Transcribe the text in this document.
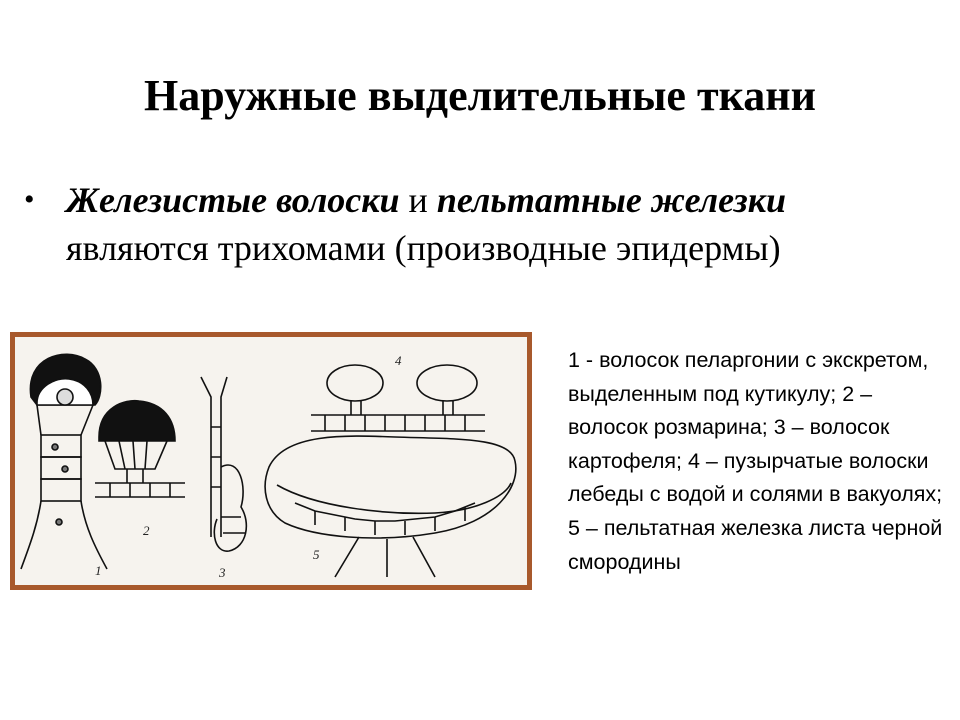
Наружные выделительные ткани
• Железистые волоски и пельтатные железки
являются трихомами (производные эпидермы)
1
2
3
4
5
1 - волосок пеларгонии с экскретом, выделенным под кутикулу; 2 – волосок розмарина; 3 – волосок картофеля; 4 – пузырчатые волоски лебеды с водой и солями в вакуолях;
5 – пельтатная железка листа черной смородины
